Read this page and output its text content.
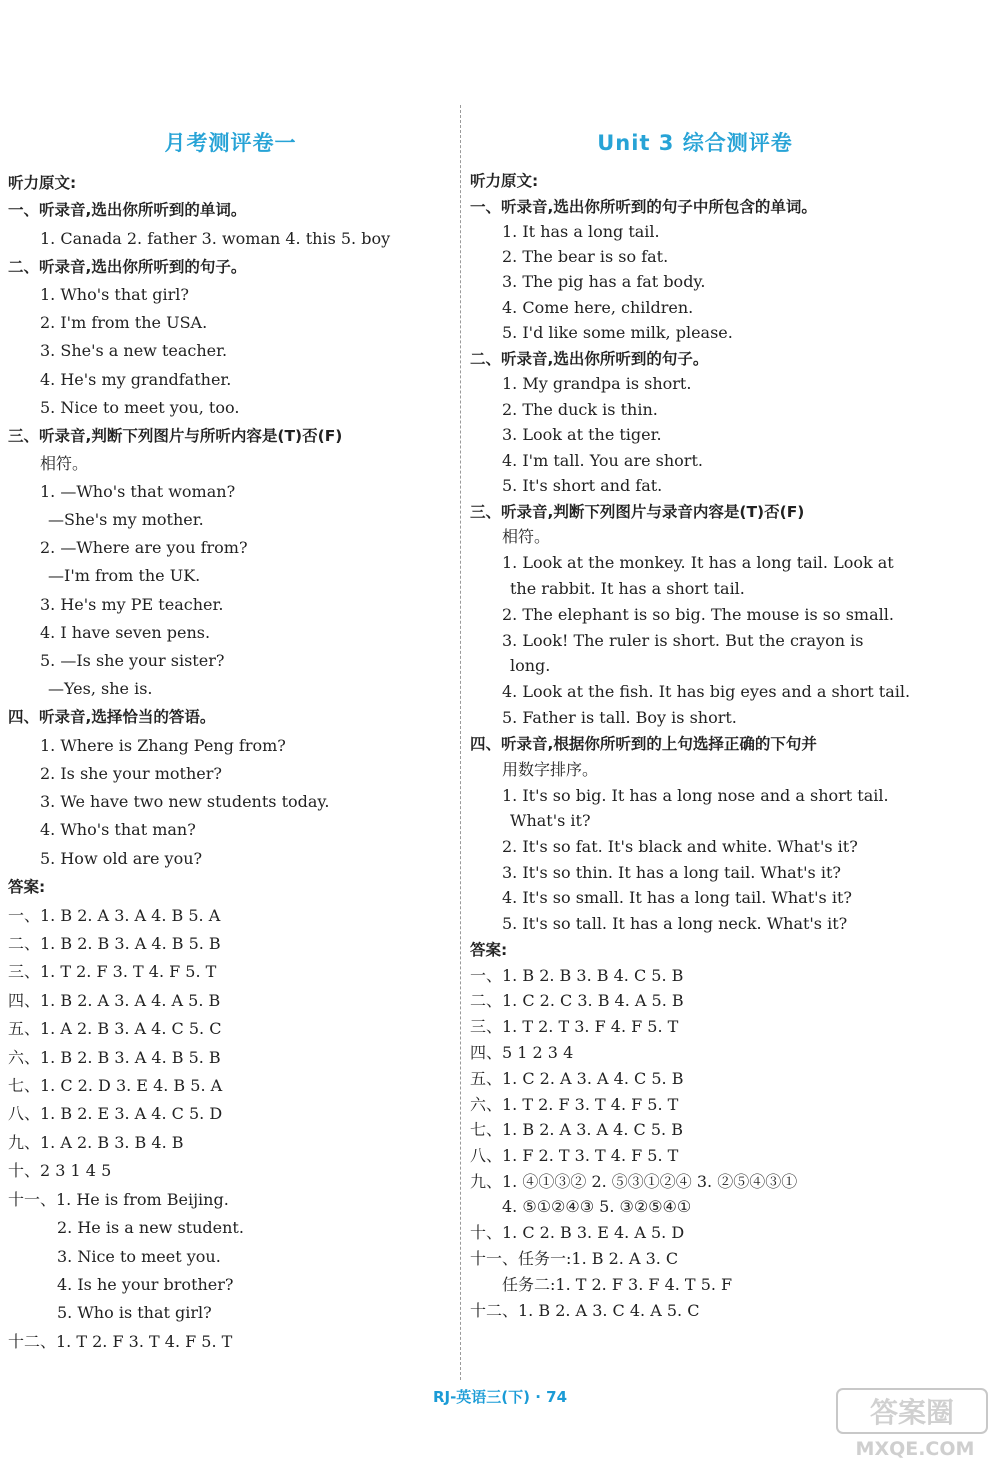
月考测评卷一
听力原文:
一、听录音,选出你所听到的单词。
1. Canada 2. father 3. woman 4. this 5. boy
二、听录音,选出你所听到的句子。
1. Who's that girl?
2. I'm from the USA.
3. She's a new teacher.
4. He's my grandfather.
5. Nice to meet you, too.
三、听录音,判断下列图片与所听内容是(T)否(F)
相符。
1. —Who's that woman?
—She's my mother.
2. —Where are you from?
—I'm from the UK.
3. He's my PE teacher.
4. I have seven pens.
5. —Is she your sister?
—Yes, she is.
四、听录音,选择恰当的答语。
1. Where is Zhang Peng from?
2. Is she your mother?
3. We have two new students today.
4. Who's that man?
5. How old are you?
答案:
一、1. B 2. A 3. A 4. B 5. A
二、1. B 2. B 3. A 4. B 5. B
三、1. T 2. F 3. T 4. F 5. T
四、1. B 2. A 3. A 4. A 5. B
五、1. A 2. B 3. A 4. C 5. C
六、1. B 2. B 3. A 4. B 5. B
七、1. C 2. D 3. E 4. B 5. A
八、1. B 2. E 3. A 4. C 5. D
九、1. A 2. B 3. B 4. B
十、2 3 1 4 5
十一、1. He is from Beijing.
2. He is a new student.
3. Nice to meet you.
4. Is he your brother?
5. Who is that girl?
十二、1. T 2. F 3. T 4. F 5. T
Unit 3 综合测评卷
听力原文:
一、听录音,选出你所听到的句子中所包含的单词。
1. It has a long tail.
2. The bear is so fat.
3. The pig has a fat body.
4. Come here, children.
5. I'd like some milk, please.
二、听录音,选出你所听到的句子。
1. My grandpa is short.
2. The duck is thin.
3. Look at the tiger.
4. I'm tall. You are short.
5. It's short and fat.
三、听录音,判断下列图片与录音内容是(T)否(F)
相符。
1. Look at the monkey. It has a long tail. Look at
the rabbit. It has a short tail.
2. The elephant is so big. The mouse is so small.
3. Look! The ruler is short. But the crayon is
long.
4. Look at the fish. It has big eyes and a short tail.
5. Father is tall. Boy is short.
四、听录音,根据你所听到的上句选择正确的下句并
用数字排序。
1. It's so big. It has a long nose and a short tail.
What's it?
2. It's so fat. It's black and white. What's it?
3. It's so thin. It has a long tail. What's it?
4. It's so small. It has a long tail. What's it?
5. It's so tall. It has a long neck. What's it?
答案:
一、1. B 2. B 3. B 4. C 5. B
二、1. C 2. C 3. B 4. A 5. B
三、1. T 2. T 3. F 4. F 5. T
四、5 1 2 3 4
五、1. C 2. A 3. A 4. C 5. B
六、1. T 2. F 3. T 4. F 5. T
七、1. B 2. A 3. A 4. C 5. B
八、1. F 2. T 3. T 4. F 5. T
九、1. ④①③② 2. ⑤③①②④ 3. ②⑤④③①
4. ⑤①②④③ 5. ③②⑤④①
十、1. C 2. B 3. E 4. A 5. D
十一、任务一:1. B 2. A 3. C
任务二:1. T 2. F 3. F 4. T 5. F
十二、1. B 2. A 3. C 4. A 5. C
RJ-英语三(下) · 74	答案圈
MXQE.COM
